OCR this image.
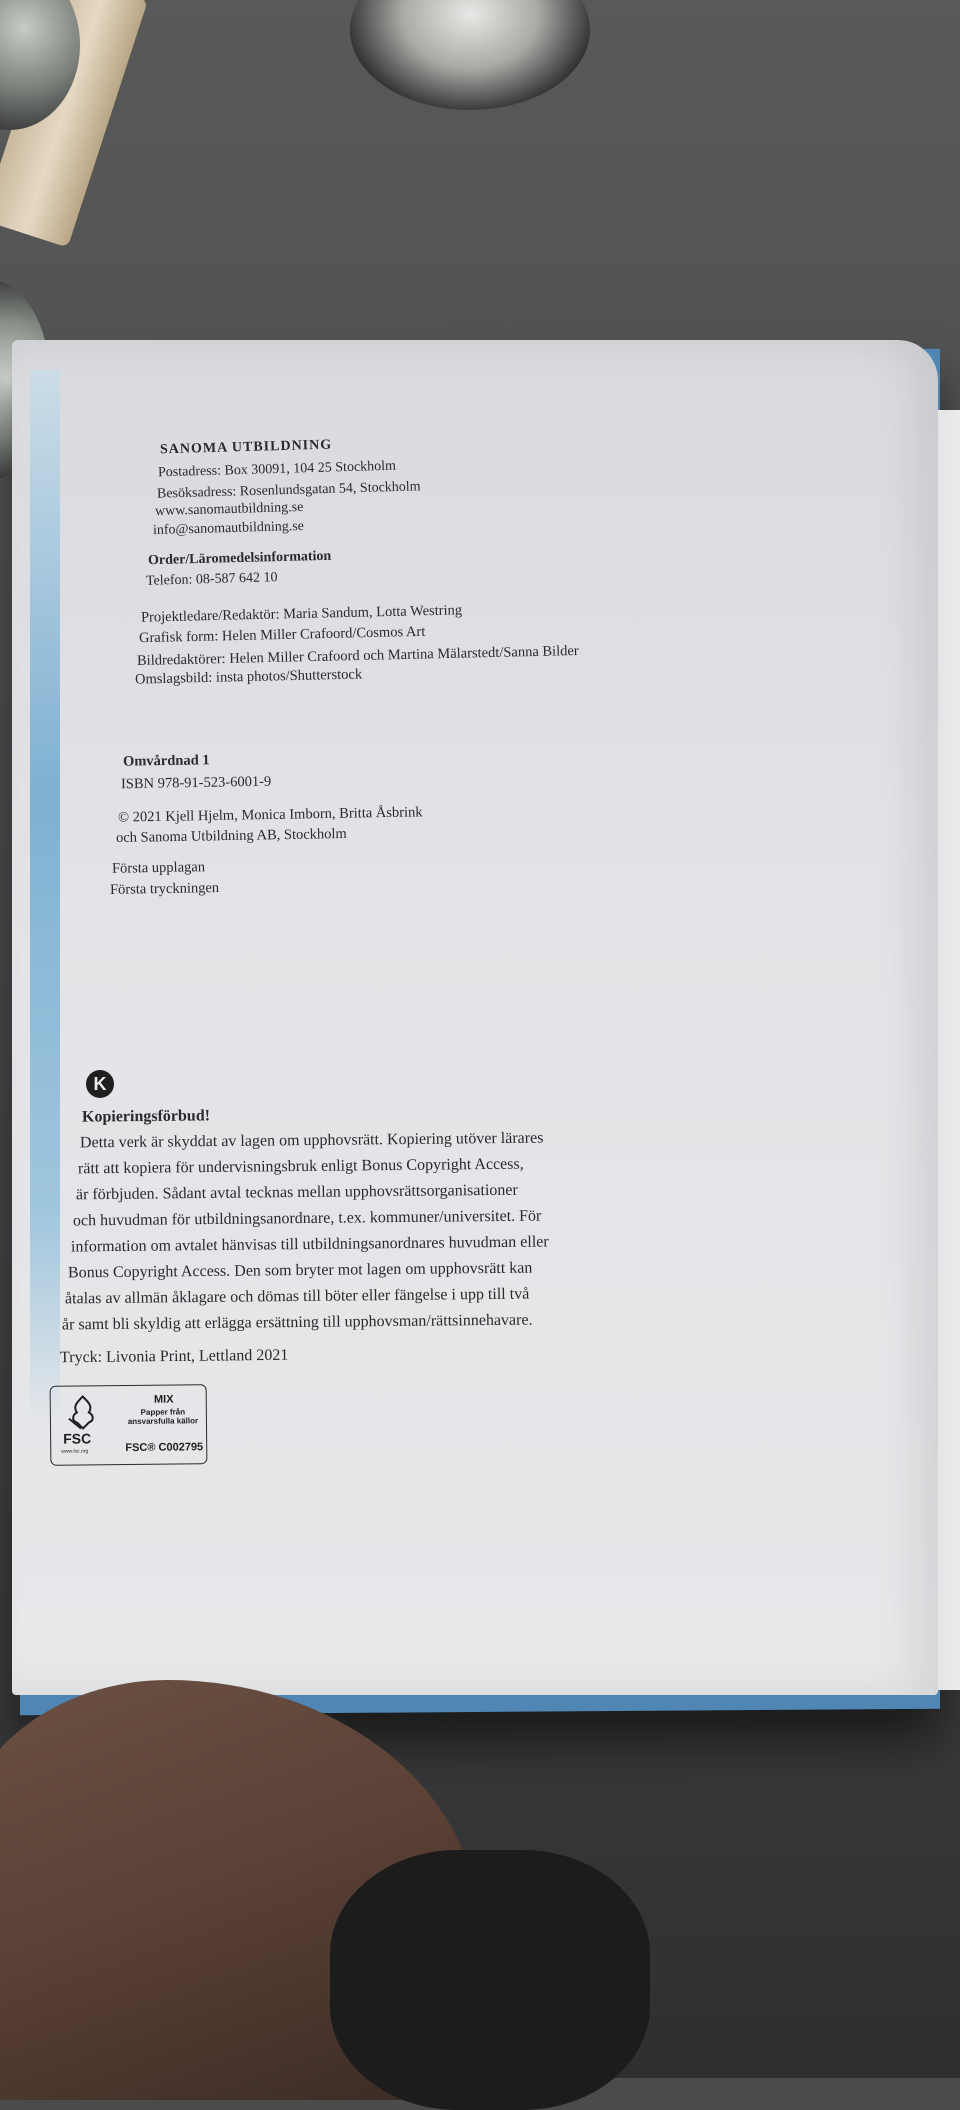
SANOMA UTBILDNING
Postadress: Box 30091, 104 25 Stockholm
Besöksadress: Rosenlundsgatan 54, Stockholm
www.sanomautbildning.se
info@sanomautbildning.se
Order/Läromedelsinformation
Telefon: 08-587 642 10
Projektledare/Redaktör: Maria Sandum, Lotta Westring
Grafisk form: Helen Miller Crafoord/Cosmos Art
Bildredaktörer: Helen Miller Crafoord och Martina Mälarstedt/Sanna Bilder
Omslagsbild: insta photos/Shutterstock
Omvårdnad 1
ISBN 978-91-523-6001-9
© 2021 Kjell Hjelm, Monica Imborn, Britta Åsbrink
och Sanoma Utbildning AB, Stockholm
Första upplagan
Första tryckningen
K
Kopieringsförbud!
Detta verk är skyddat av lagen om upphovsrätt. Kopiering utöver lärares
rätt att kopiera för undervisningsbruk enligt Bonus Copyright Access,
är förbjuden. Sådant avtal tecknas mellan upphovsrättsorganisationer
och huvudman för utbildningsanordnare, t.ex. kommuner/universitet. För
information om avtalet hänvisas till utbildningsanordnares huvudman eller
Bonus Copyright Access. Den som bryter mot lagen om upphovsrätt kan
åtalas av allmän åklagare och dömas till böter eller fängelse i upp till två
år samt bli skyldig att erlägga ersättning till upphovsman/rättsinnehavare.
Tryck: Livonia Print, Lettland 2021
FSC
www.fsc.org
MIX
Papper från
ansvarsfulla källor
FSC® C002795
